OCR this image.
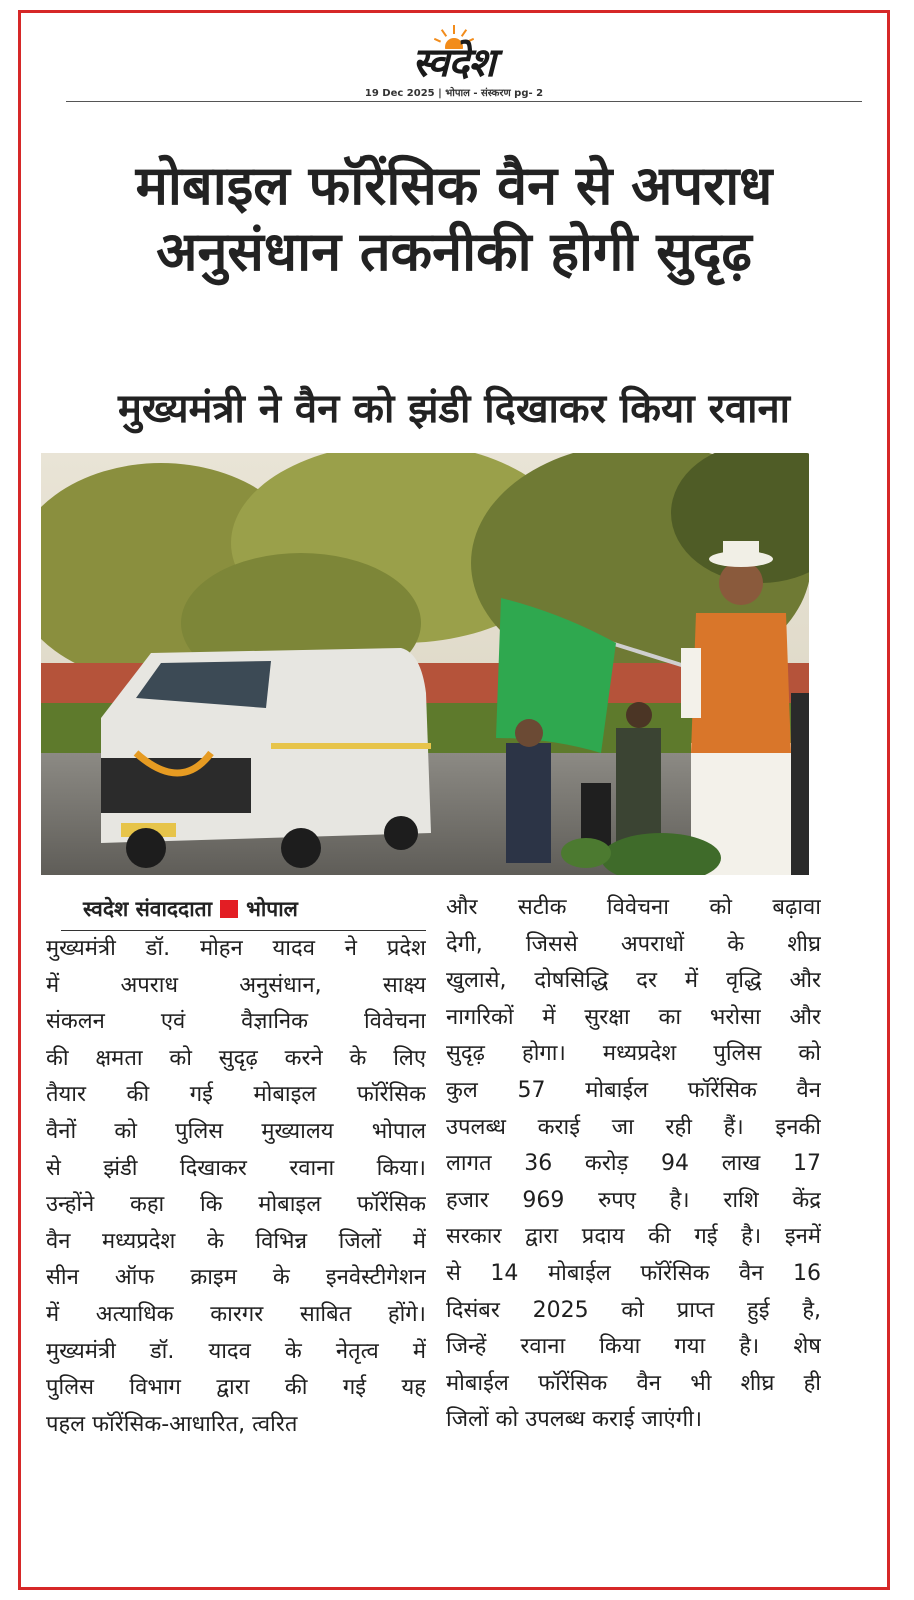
स्वदेश
19 Dec 2025 | भोपाल - संस्करण pg- 2
मोबाइल फॉरेंसिक वैन से अपराध
अनुसंधान तकनीकी होगी सुदृढ़
मुख्यमंत्री ने वैन को झंडी दिखाकर किया रवाना
स्वदेश संवाददाता भोपाल
मुख्यमंत्री डॉ. मोहन यादव ने प्रदेश
में अपराध अनुसंधान, साक्ष्य
संकलन एवं वैज्ञानिक विवेचना
की क्षमता को सुदृढ़ करने के लिए
तैयार की गई मोबाइल फॉरेंसिक
वैनों को पुलिस मुख्यालय भोपाल
से झंडी दिखाकर रवाना किया।
उन्होंने कहा कि मोबाइल फॉरेंसिक
वैन मध्यप्रदेश के विभिन्न जिलों में
सीन ऑफ क्राइम के इनवेस्टीगेशन
में अत्याधिक कारगर साबित होंगे।
मुख्यमंत्री डॉ. यादव के नेतृत्व में
पुलिस विभाग द्वारा की गई यह
पहल फॉरेंसिक-आधारित, त्वरित
और सटीक विवेचना को बढ़ावा
देगी, जिससे अपराधों के शीघ्र
खुलासे, दोषसिद्धि दर में वृद्धि और
नागरिकों में सुरक्षा का भरोसा और
सुदृढ़ होगा। मध्यप्रदेश पुलिस को
कुल 57 मोबाईल फॉरेंसिक वैन
उपलब्ध कराई जा रही हैं। इनकी
लागत 36 करोड़ 94 लाख 17
हजार 969 रुपए है। राशि केंद्र
सरकार द्वारा प्रदाय की गई है। इनमें
से 14 मोबाईल फॉरेंसिक वैन 16
दिसंबर 2025 को प्राप्त हुई है,
जिन्हें रवाना किया गया है। शेष
मोबाईल फॉरेंसिक वैन भी शीघ्र ही
जिलों को उपलब्ध कराई जाएंगी।
